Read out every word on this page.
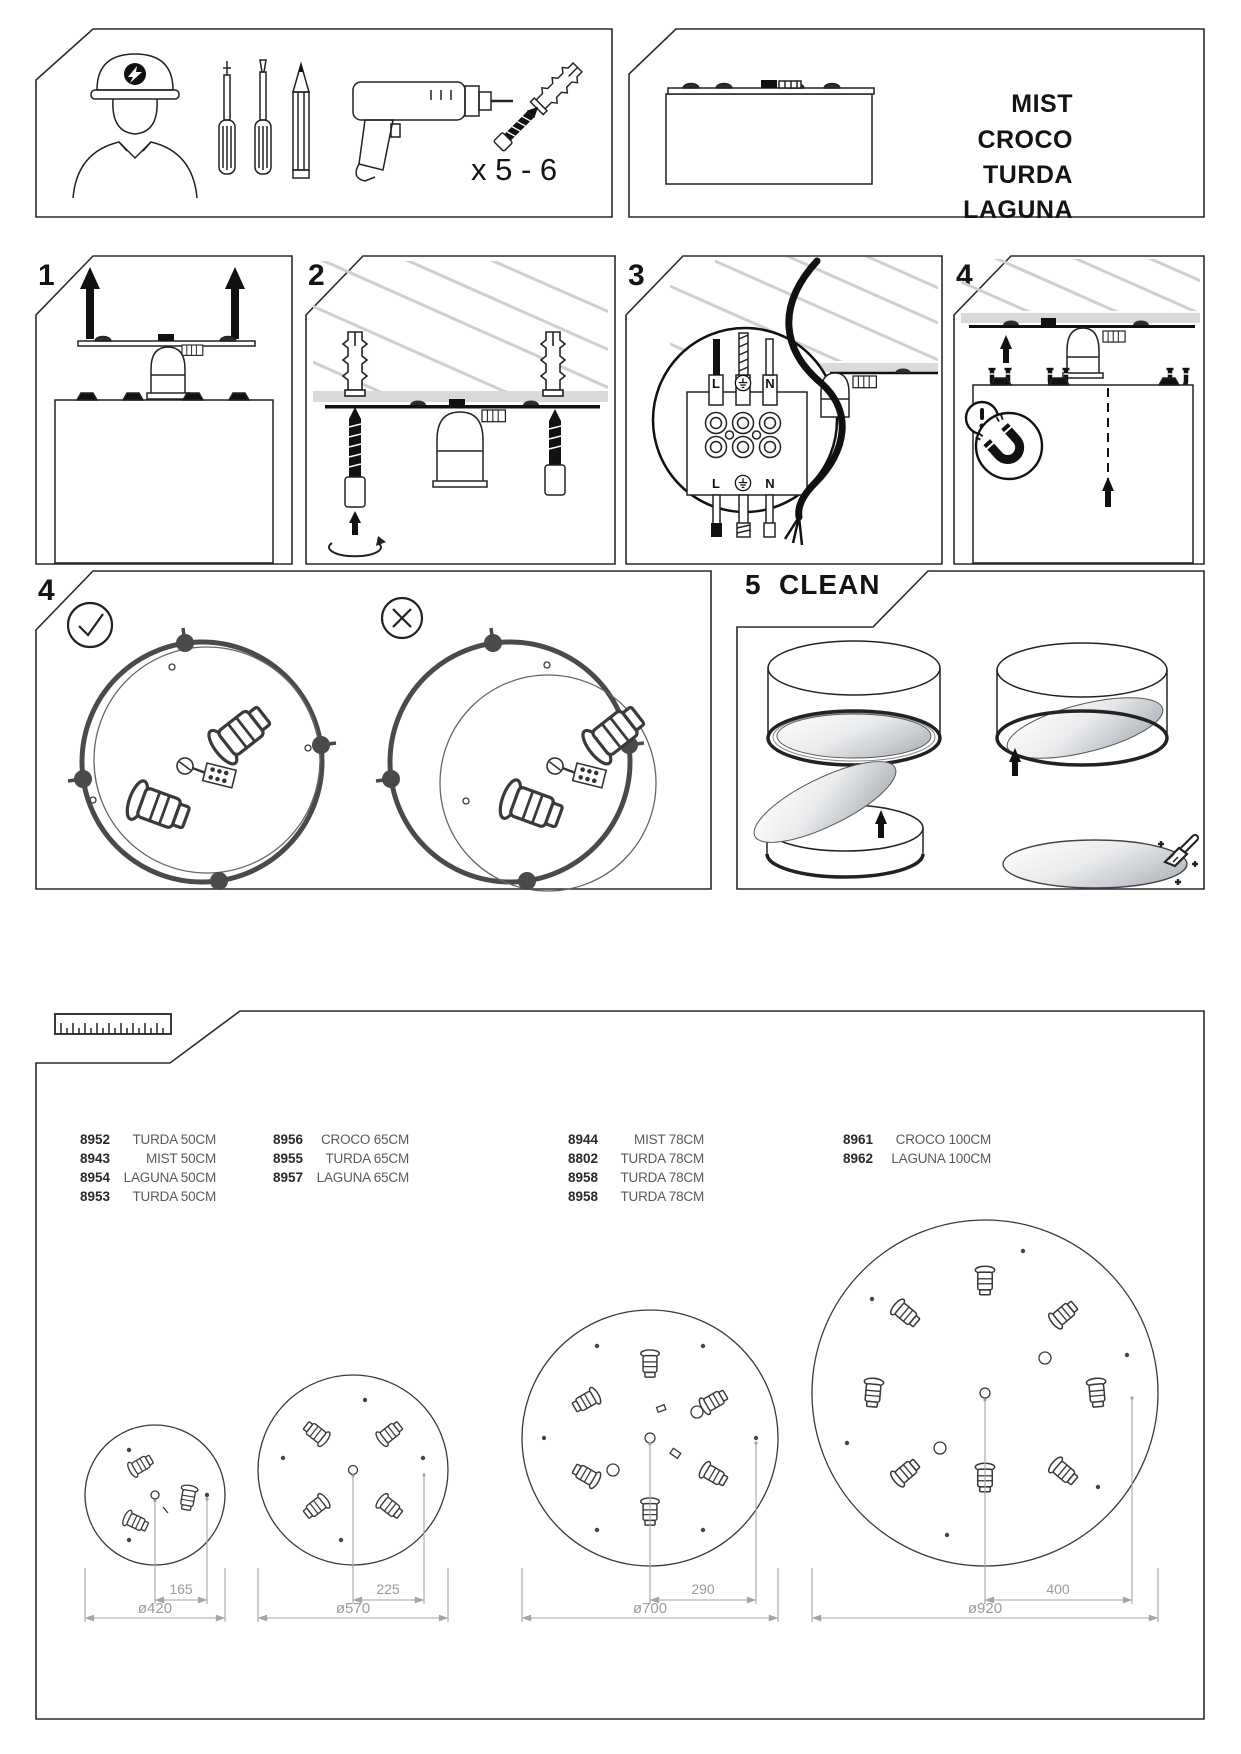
x 5 - 6
MIST
CROCO
TURDA
LAGUNA
1	2	3
L	N
L	N
4
4	5 CLEAN
165
ø420
225
ø570
290
ø700
400
ø920
8952	TURDA 50CM
8943	MIST 50CM
8954	LAGUNA 50CM
8953	TURDA 50CM
8956	CROCO 65CM
8955	TURDA 65CM
8957	LAGUNA 65CM
8944	MIST 78CM
8802	TURDA 78CM
8958	TURDA 78CM
8958	TURDA 78CM
8961	CROCO 100CM
8962	LAGUNA 100CM
